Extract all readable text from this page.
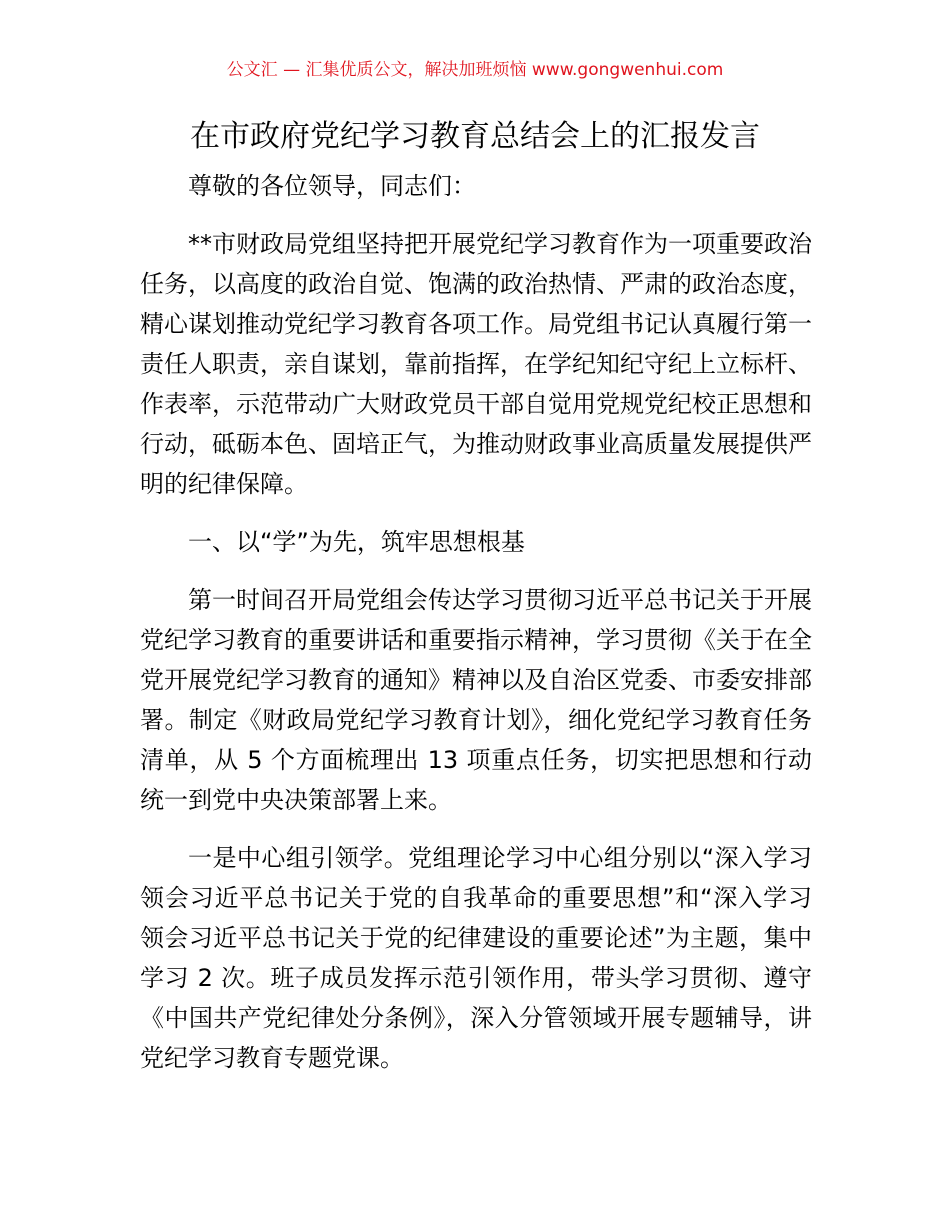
公文汇 — 汇集优质公文，解决加班烦恼 www.gongwenhui.com
在市政府党纪学习教育总结会上的汇报发言

尊敬的各位领导，同志们：

**市财政局党组坚持把开展党纪学习教育作为一项重要政治任务，以高度的政治自觉、饱满的政治热情、严肃的政治态度，精心谋划推动党纪学习教育各项工作。局党组书记认真履行第一责任人职责，亲自谋划，靠前指挥，在学纪知纪守纪上立标杆、作表率，示范带动广大财政党员干部自觉用党规党纪校正思想和行动，砥砺本色、固培正气，为推动财政事业高质量发展提供严明的纪律保障。

一、以“学”为先，筑牢思想根基

第一时间召开局党组会传达学习贯彻习近平总书记关于开展党纪学习教育的重要讲话和重要指示精神，学习贯彻《关于在全党开展党纪学习教育的通知》精神以及自治区党委、市委安排部署。制定《财政局党纪学习教育计划》，细化党纪学习教育任务清单，从 5 个方面梳理出 13 项重点任务，切实把思想和行动统一到党中央决策部署上来。

一是中心组引领学。党组理论学习中心组分别以“深入学习领会习近平总书记关于党的自我革命的重要思想”和“深入学习领会习近平总书记关于党的纪律建设的重要论述”为主题，集中学习 2 次。班子成员发挥示范引领作用，带头学习贯彻、遵守《中国共产党纪律处分条例》，深入分管领域开展专题辅导，讲党纪学习教育专题党课。
